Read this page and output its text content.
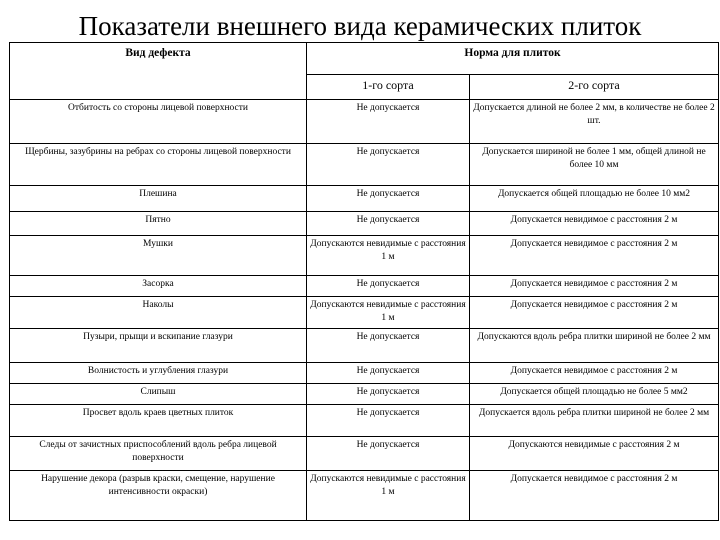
Показатели внешнего вида керамических плиток
Вид дефекта	Норма для плиток	
	1-го сорта	2-го сорта
Отбитость со стороны лицевой поверхности	Не допускается	Допускается длиной не более 2 мм, в количестве не более 2 шт.
Щербины, зазубрины на ребрах со стороны лицевой поверхности	Не допускается	Допускается шириной не более 1 мм, общей длиной не более 10 мм
Плешина	Не допускается	Допускается общей площадью не более 10 мм2
Пятно	Не допускается	Допускается невидимое с расстояния 2 м
Мушки	Допускаются невидимые с расстояния 1 м	Допускается невидимое с расстояния 2 м
Засорка	Не допускается	Допускается невидимое с расстояния 2 м
Наколы	Допускаются невидимые с расстояния 1 м	Допускается невидимое с расстояния 2 м
Пузыри, прыщи и вскипание глазури	Не допускается	Допускаются вдоль ребра плитки шириной не более 2 мм
Волнистость и углубления глазури	Не допускается	Допускается невидимое с расстояния 2 м
Слипыш	Не допускается	Допускается общей площадью не более 5 мм2
Просвет вдоль краев цветных плиток	Не допускается	Допускается вдоль ребра плитки шириной не более 2 мм
Следы от зачистных приспособлений вдоль ребра лицевой поверхности	Не допускается	Допускаются невидимые с расстояния 2 м
Нарушение декора (разрыв краски, смещение, нарушение интенсивности окраски)	Допускаются невидимые с расстояния 1 м	Допускается невидимое с расстояния 2 м
